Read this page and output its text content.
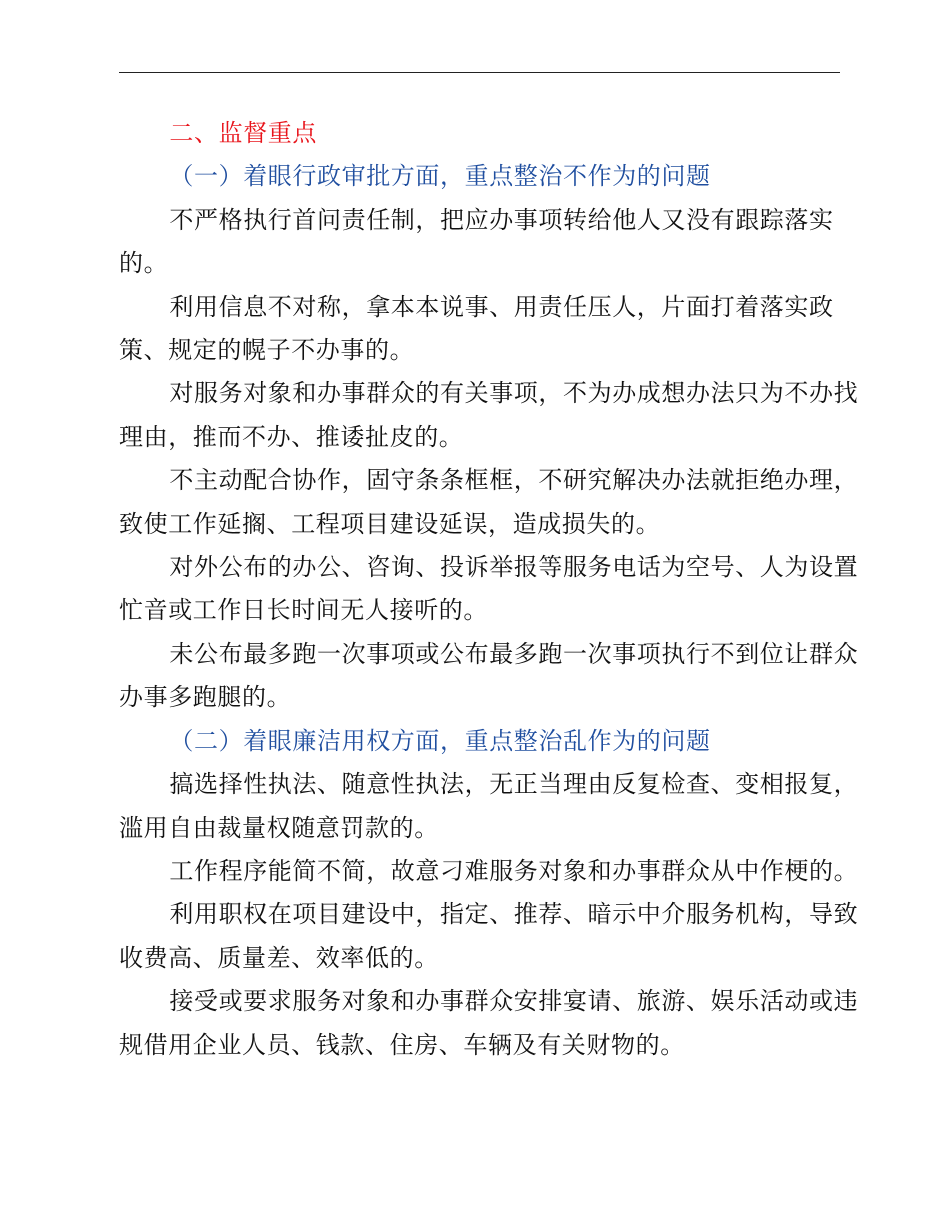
二、监督重点

（一）着眼行政审批方面，重点整治不作为的问题

不严格执行首问责任制，把应办事项转给他人又没有跟踪落实的。

利用信息不对称，拿本本说事、用责任压人，片面打着落实政策、规定的幌子不办事的。

对服务对象和办事群众的有关事项，不为办成想办法只为不办找理由，推而不办、推诿扯皮的。

不主动配合协作，固守条条框框，不研究解决办法就拒绝办理，致使工作延搁、工程项目建设延误，造成损失的。

对外公布的办公、咨询、投诉举报等服务电话为空号、人为设置忙音或工作日长时间无人接听的。

未公布最多跑一次事项或公布最多跑一次事项执行不到位让群众办事多跑腿的。

（二）着眼廉洁用权方面，重点整治乱作为的问题

搞选择性执法、随意性执法，无正当理由反复检查、变相报复，滥用自由裁量权随意罚款的。

工作程序能简不简，故意刁难服务对象和办事群众从中作梗的。

利用职权在项目建设中，指定、推荐、暗示中介服务机构，导致收费高、质量差、效率低的。

接受或要求服务对象和办事群众安排宴请、旅游、娱乐活动或违规借用企业人员、钱款、住房、车辆及有关财物的。
